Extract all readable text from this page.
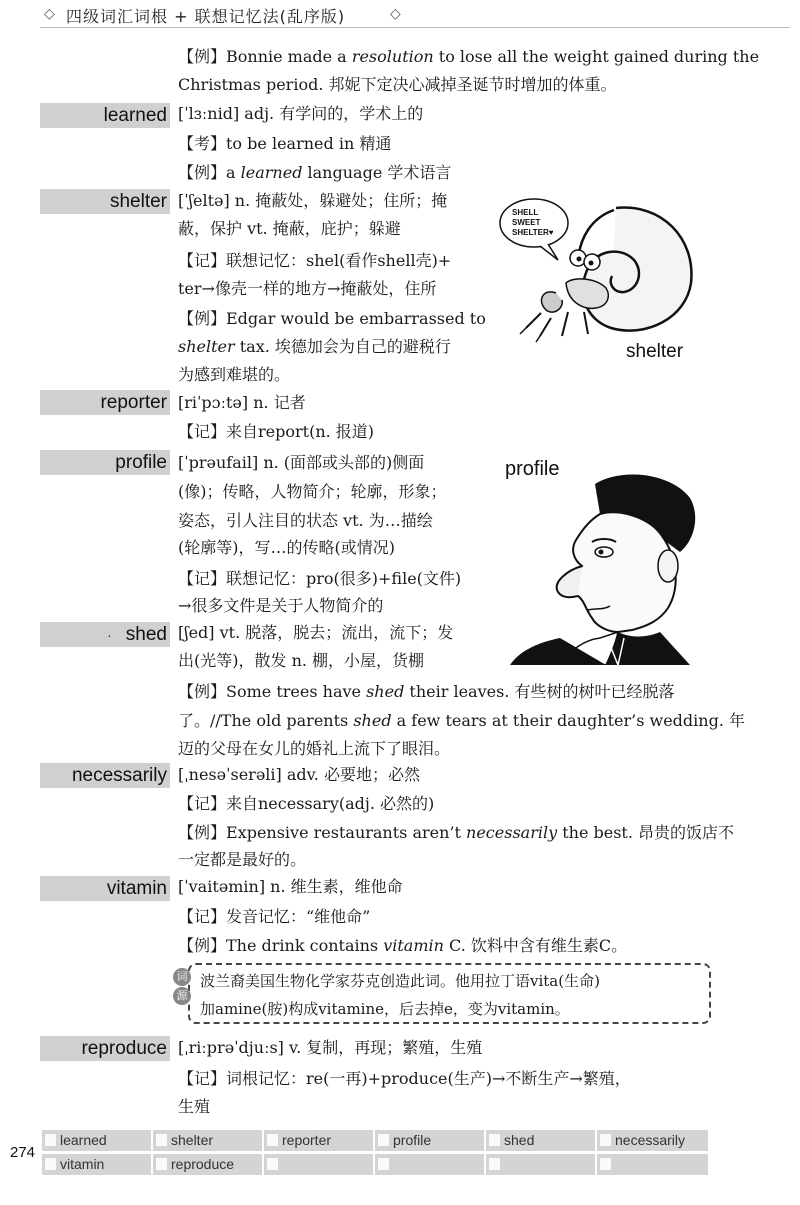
◇ 四级词汇词根 + 联想记忆法(乱序版)	◇
【例】Bonnie made a resolution to lose all the weight gained during the
Christmas period. 邦妮下定决心减掉圣诞节时增加的体重。
learned [ˈlɜːnid] adj. 有学问的，学术上的
【考】to be learned in 精通
【例】a learned language 学术语言
shelter [ˈʃeltə] n. 掩蔽处，躲避处；住所；掩
蔽，保护 vt. 掩蔽，庇护；躲避
【记】联想记忆：shel(看作shell壳)+
ter→像壳一样的地方→掩蔽处，住所
【例】Edgar would be embarrassed to
shelter tax. 埃德加会为自己的避税行
为感到难堪的。
SHELL
SWEET
SHELTER♥
shelter
reporter [riˈpɔːtə] n. 记者
【记】来自report(n. 报道)
profile [ˈprəufail] n. (面部或头部的)侧面
(像)；传略，人物简介；轮廓，形象；
姿态，引人注目的状态 vt. 为…描绘
(轮廓等)，写…的传略(或情况)
【记】联想记忆：pro(很多)+file(文件)
→很多文件是关于人物简介的
profile
· shed [ʃed] vt. 脱落，脱去；流出，流下；发
出(光等)，散发 n. 棚，小屋，货棚
【例】Some trees have shed their leaves. 有些树的树叶已经脱落
了。//The old parents shed a few tears at their daughter’s wedding. 年
迈的父母在女儿的婚礼上流下了眼泪。
necessarily [ˌnesəˈserəli] adv. 必要地；必然
【记】来自necessary(adj. 必然的)
【例】Expensive restaurants aren’t necessarily the best. 昂贵的饭店不
一定都是最好的。
vitamin [ˈvaitəmin] n. 维生素，维他命
【记】发音记忆：“维他命”
【例】The drink contains vitamin C. 饮料中含有维生素C。
词
源
波兰裔美国生物化学家芬克创造此词。他用拉丁语vita(生命)
加amine(胺)构成vitamine，后去掉e，变为vitamin。
reproduce [ˌriːprəˈdjuːs] v. 复制，再现；繁殖，生殖
【记】词根记忆：re(一再)+produce(生产)→不断生产→繁殖，
生殖
274
learned	shelter	reporter	profile	shed	necessarily
vitamin	reproduce
